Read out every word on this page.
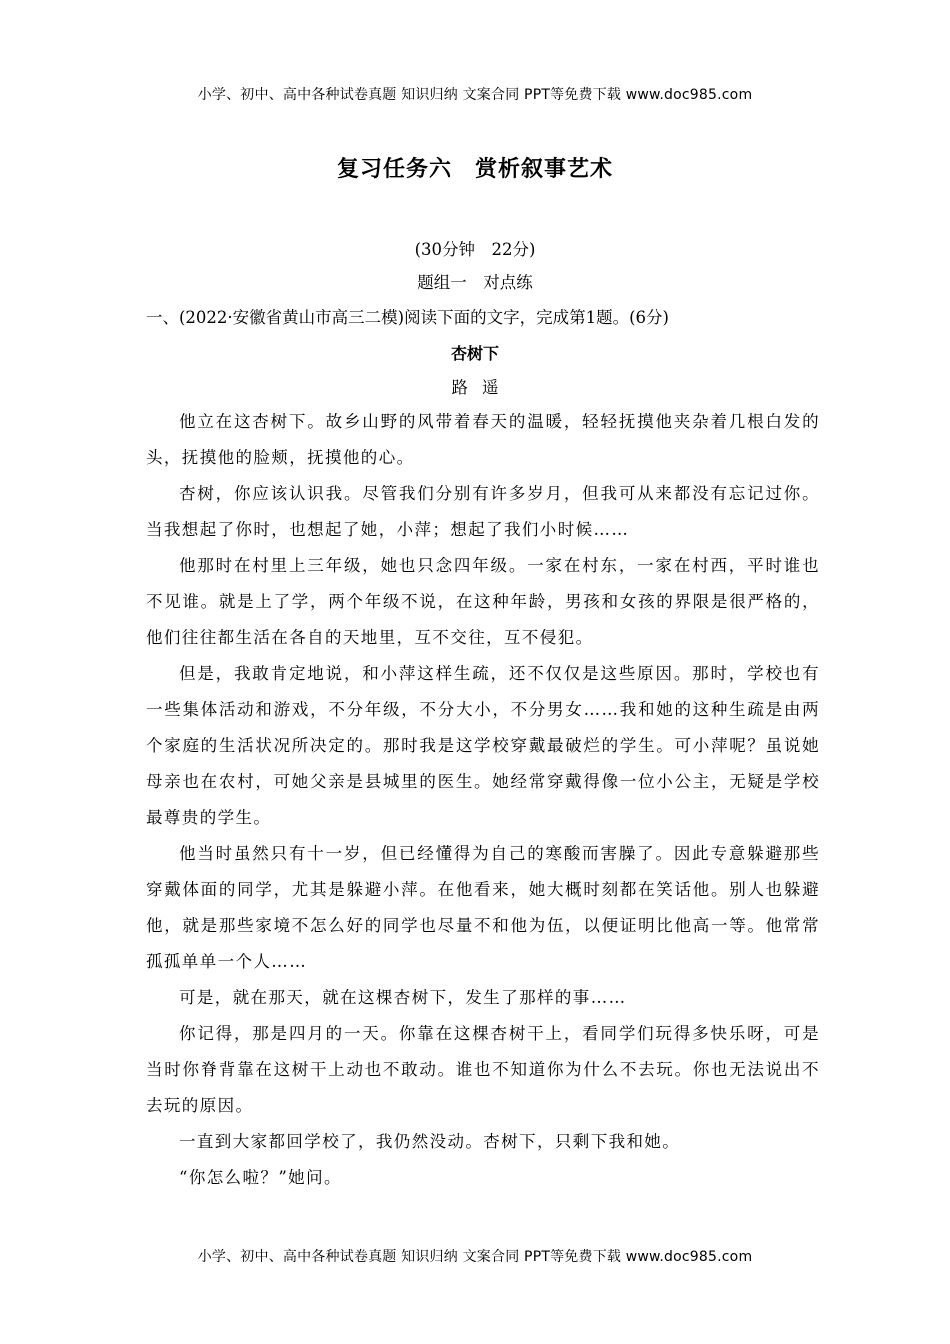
小学、初中、高中各种试卷真题 知识归纳 文案合同 PPT等免费下载 www.doc985.com
复习任务六　赏析叙事艺术
(30分钟　22分)
题组一　对点练
一、(2022·安徽省黄山市高三二模)阅读下面的文字，完成第1题。(6分)
杏树下
路遥

他立在这杏树下。故乡山野的风带着春天的温暖，轻轻抚摸他夹杂着几根白发的头，抚摸他的脸颊，抚摸他的心。

杏树，你应该认识我。尽管我们分别有许多岁月，但我可从来都没有忘记过你。当我想起了你时，也想起了她，小萍；想起了我们小时候……

他那时在村里上三年级，她也只念四年级。一家在村东，一家在村西，平时谁也不见谁。就是上了学，两个年级不说，在这种年龄，男孩和女孩的界限是很严格的，他们往往都生活在各自的天地里，互不交往，互不侵犯。

但是，我敢肯定地说，和小萍这样生疏，还不仅仅是这些原因。那时，学校也有一些集体活动和游戏，不分年级，不分大小，不分男女……我和她的这种生疏是由两个家庭的生活状况所决定的。那时我是这学校穿戴最破烂的学生。可小萍呢？虽说她母亲也在农村，可她父亲是县城里的医生。她经常穿戴得像一位小公主，无疑是学校最尊贵的学生。

他当时虽然只有十一岁，但已经懂得为自己的寒酸而害臊了。因此专意躲避那些穿戴体面的同学，尤其是躲避小萍。在他看来，她大概时刻都在笑话他。别人也躲避他，就是那些家境不怎么好的同学也尽量不和他为伍，以便证明比他高一等。他常常孤孤单单一个人……

可是，就在那天，就在这棵杏树下，发生了那样的事……

你记得，那是四月的一天。你靠在这棵杏树干上，看同学们玩得多快乐呀，可是当时你脊背靠在这树干上动也不敢动。谁也不知道你为什么不去玩。你也无法说出不去玩的原因。

一直到大家都回学校了，我仍然没动。杏树下，只剩下我和她。

“你怎么啦？”她问。

小学、初中、高中各种试卷真题 知识归纳 文案合同 PPT等免费下载 www.doc985.com
